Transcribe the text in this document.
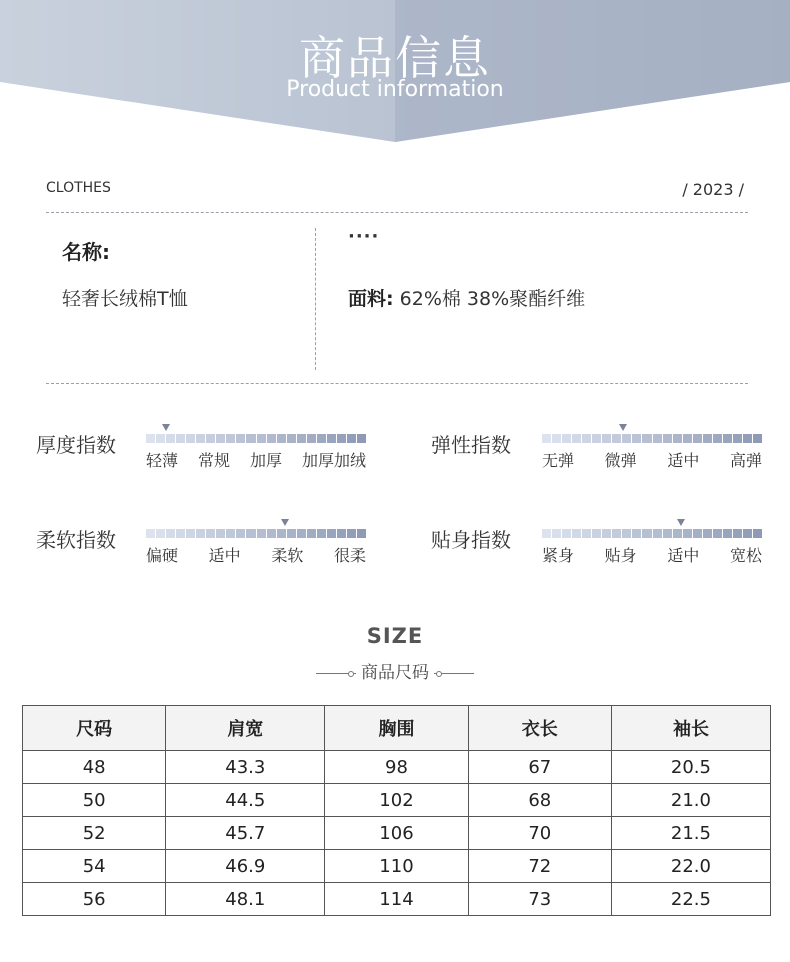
商品信息
Product information
CLOTHES	/ 2023 /
名称:
轻奢长绒棉T恤
····
面料: 62%棉 38%聚酯纤维
厚度指数
轻薄 常规 加厚 加厚加绒
弹性指数
无弹 微弹 适中 高弹
柔软指数
偏硬 适中 柔软 很柔
贴身指数
紧身 贴身 适中 宽松
SIZE
商品尺码
尺码	肩宽	胸围	衣长	袖长
48	43.3	98	67	20.5
50	44.5	102	68	21.0
52	45.7	106	70	21.5
54	46.9	110	72	22.0
56	48.1	114	73	22.5
